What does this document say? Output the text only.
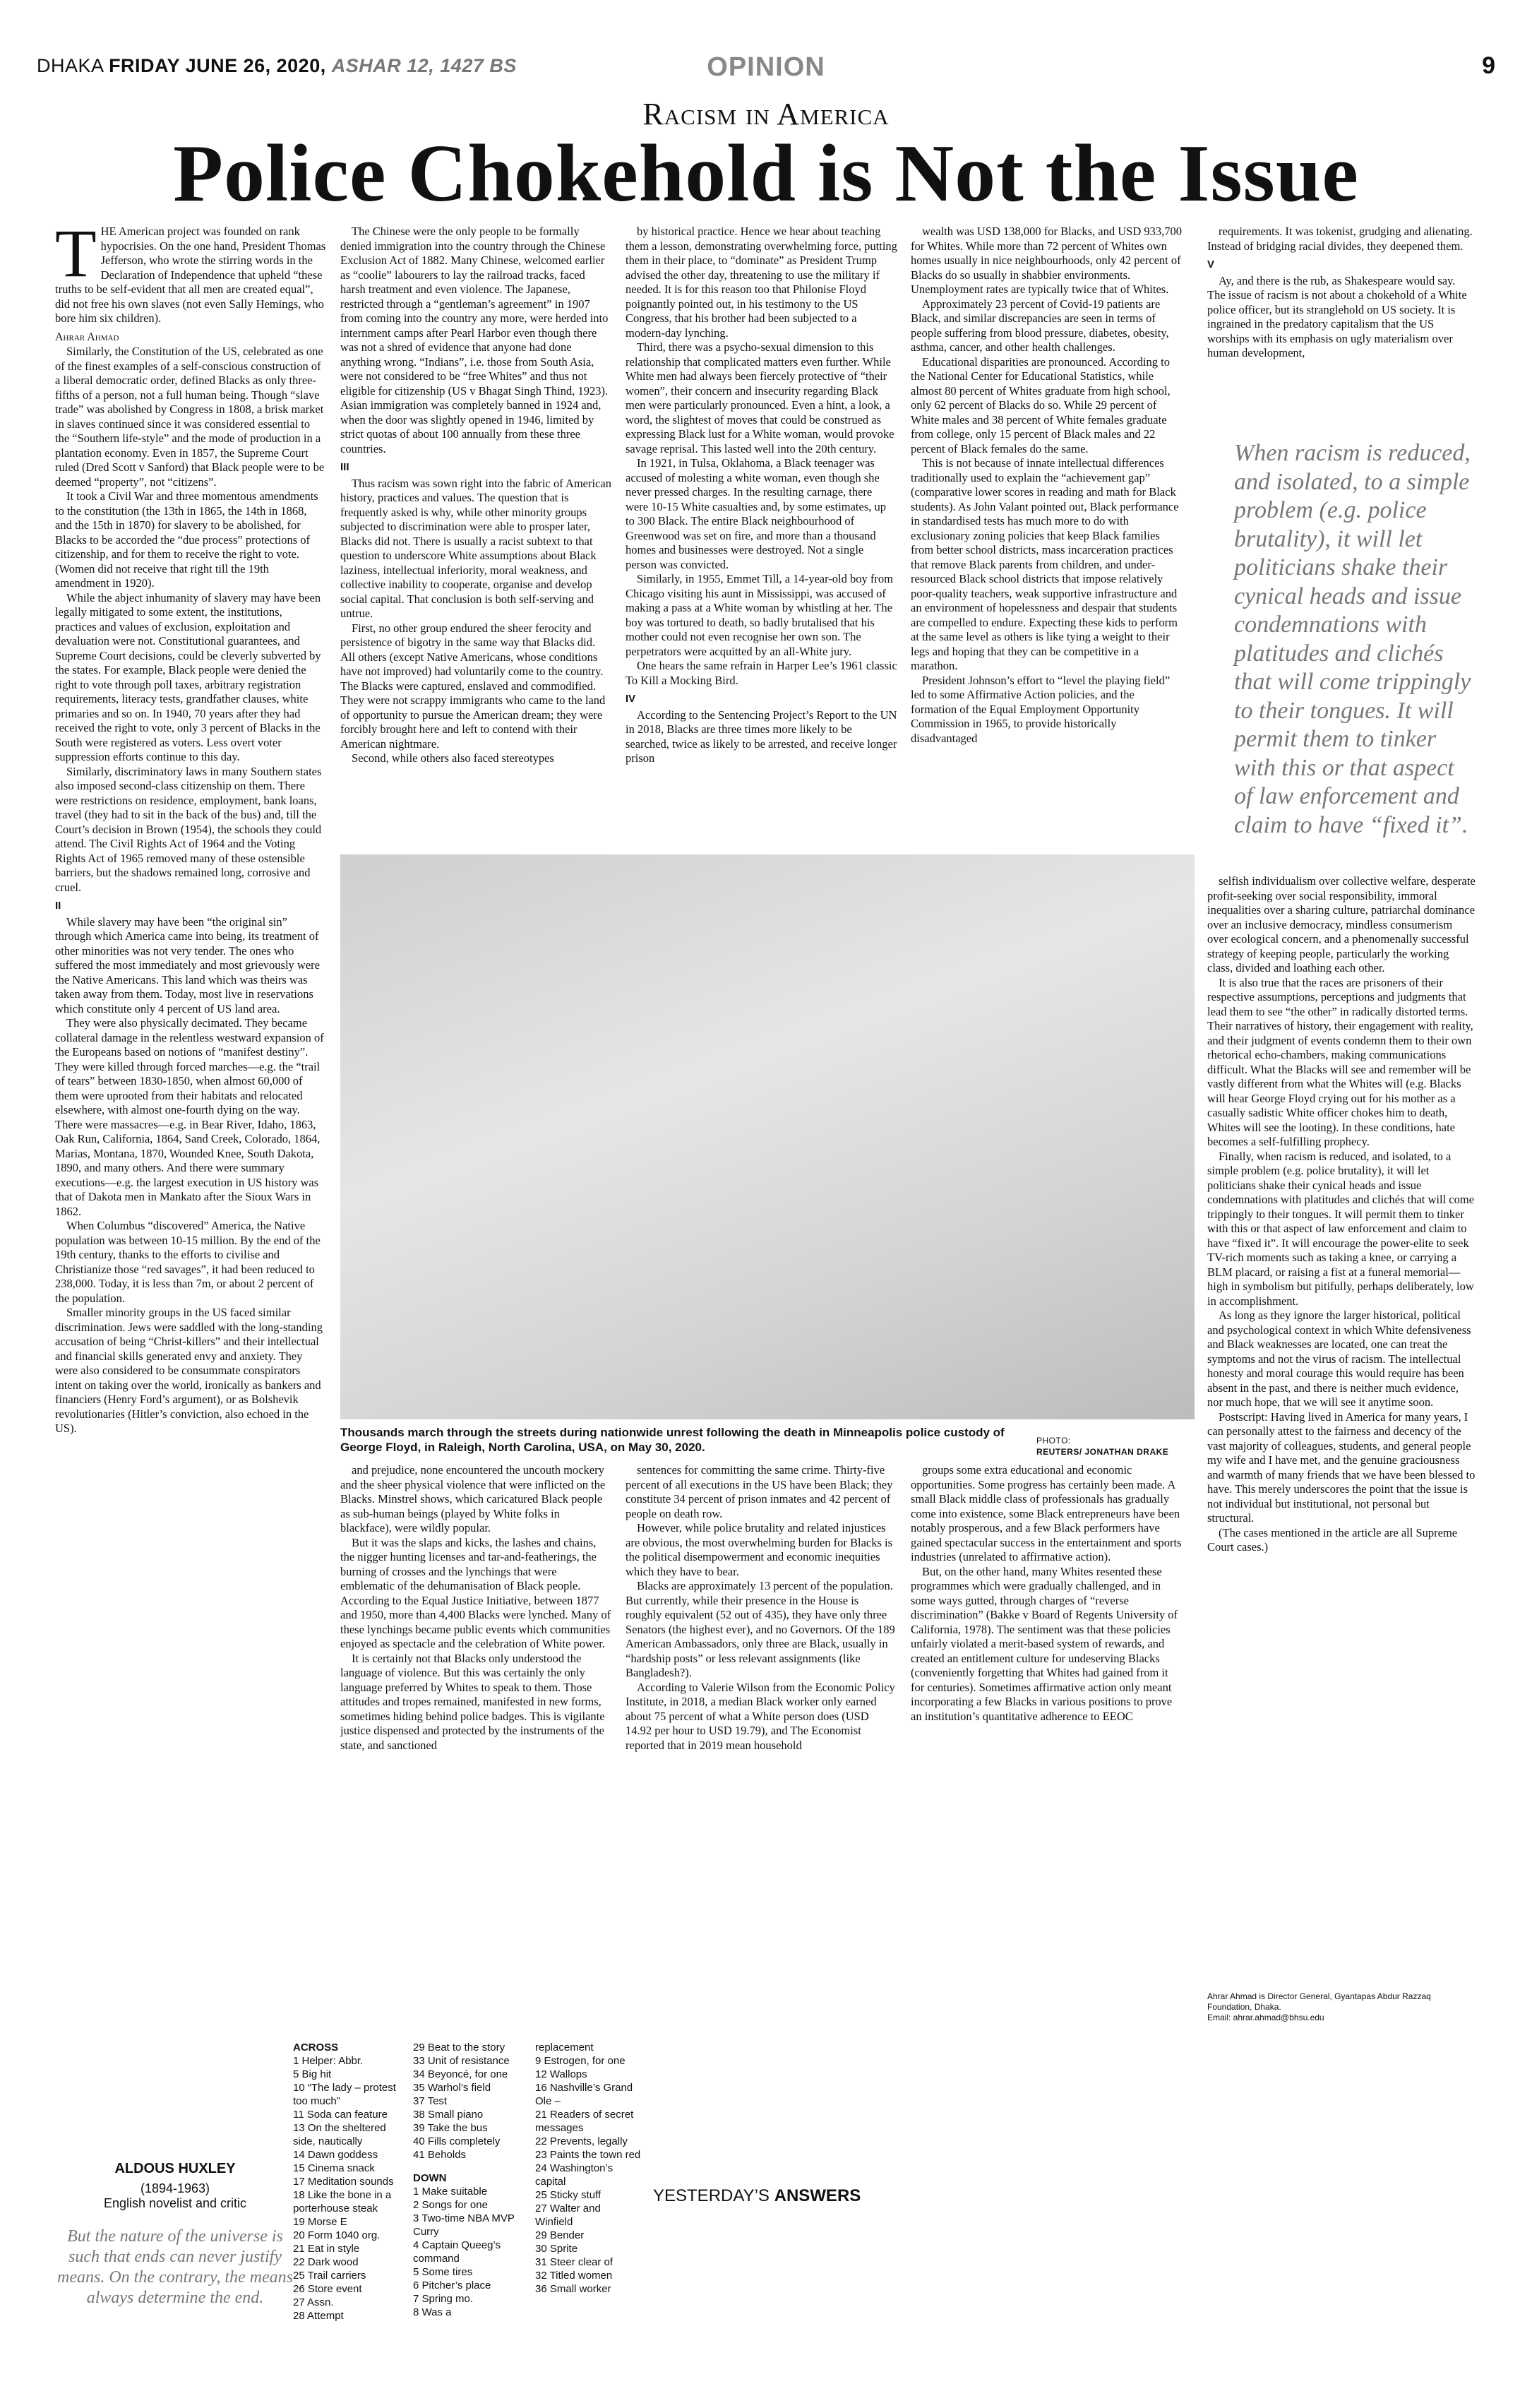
DHAKA FRIDAY JUNE 26, 2020, ASHAR 12, 1427 BS	OPINION	9
Racism in America
Police Chokehold is Not the Issue

THE American project was founded on rank hypocrisies. On the one hand, President Thomas Jefferson, who wrote the stirring words in the Declaration of Independence that upheld “these truths to be self-evident that all men are created equal”, did not free his own slaves (not even Sally Hemings, who bore him six children).

Ahrar Ahmad

Similarly, the Constitution of the US, celebrated as one of the finest examples of a self-conscious construction of a liberal democratic order, defined Blacks as only three-fifths of a person, not a full human being. Though “slave trade” was abolished by Congress in 1808, a brisk market in slaves continued since it was considered essential to the “Southern life-style” and the mode of production in a plantation economy. Even in 1857, the Supreme Court ruled (Dred Scott v Sanford) that Black people were to be deemed “property”, not “citizens”.

It took a Civil War and three momentous amendments to the constitution (the 13th in 1865, the 14th in 1868, and the 15th in 1870) for slavery to be abolished, for Blacks to be accorded the “due process” protections of citizenship, and for them to receive the right to vote. (Women did not receive that right till the 19th amendment in 1920).

While the abject inhumanity of slavery may have been legally mitigated to some extent, the institutions, practices and values of exclusion, exploitation and devaluation were not. Constitutional guarantees, and Supreme Court decisions, could be cleverly subverted by the states. For example, Black people were denied the right to vote through poll taxes, arbitrary registration requirements, literacy tests, grandfather clauses, white primaries and so on. In 1940, 70 years after they had received the right to vote, only 3 percent of Blacks in the South were registered as voters. Less overt voter suppression efforts continue to this day.

Similarly, discriminatory laws in many Southern states also imposed second-class citizenship on them. There were restrictions on residence, employment, bank loans, travel (they had to sit in the back of the bus) and, till the Court’s decision in Brown (1954), the schools they could attend. The Civil Rights Act of 1964 and the Voting Rights Act of 1965 removed many of these ostensible barriers, but the shadows remained long, corrosive and cruel.

II

While slavery may have been “the original sin” through which America came into being, its treatment of other minorities was not very tender. The ones who suffered the most immediately and most grievously were the Native Americans. This land which was theirs was taken away from them. Today, most live in reservations which constitute only 4 percent of US land area.

They were also physically decimated. They became collateral damage in the relentless westward expansion of the Europeans based on notions of “manifest destiny”. They were killed through forced marches—e.g. the “trail of tears” between 1830-1850, when almost 60,000 of them were uprooted from their habitats and relocated elsewhere, with almost one-fourth dying on the way. There were massacres—e.g. in Bear River, Idaho, 1863, Oak Run, California, 1864, Sand Creek, Colorado, 1864, Marias, Montana, 1870, Wounded Knee, South Dakota, 1890, and many others. And there were summary executions—e.g. the largest execution in US history was that of Dakota men in Mankato after the Sioux Wars in 1862.

When Columbus “discovered” America, the Native population was between 10-15 million. By the end of the 19th century, thanks to the efforts to civilise and Christianize those “red savages”, it had been reduced to 238,000. Today, it is less than 7m, or about 2 percent of the population.

Smaller minority groups in the US faced similar discrimination. Jews were saddled with the long-standing accusation of being “Christ-killers” and their intellectual and financial skills generated envy and anxiety. They were also considered to be consummate conspirators intent on taking over the world, ironically as bankers and financiers (Henry Ford’s argument), or as Bolshevik revolutionaries (Hitler’s conviction, also echoed in the US).

The Chinese were the only people to be formally denied immigration into the country through the Chinese Exclusion Act of 1882. Many Chinese, welcomed earlier as “coolie” labourers to lay the railroad tracks, faced harsh treatment and even violence. The Japanese, restricted through a “gentleman’s agreement” in 1907 from coming into the country any more, were herded into internment camps after Pearl Harbor even though there was not a shred of evidence that anyone had done anything wrong. “Indians”, i.e. those from South Asia, were not considered to be “free Whites” and thus not eligible for citizenship (US v Bhagat Singh Thind, 1923). Asian immigration was completely banned in 1924 and, when the door was slightly opened in 1946, limited by strict quotas of about 100 annually from these three countries.

III

Thus racism was sown right into the fabric of American history, practices and values. The question that is frequently asked is why, while other minority groups subjected to discrimination were able to prosper later, Blacks did not. There is usually a racist subtext to that question to underscore White assumptions about Black laziness, intellectual inferiority, moral weakness, and collective inability to cooperate, organise and develop social capital. That conclusion is both self-serving and untrue.

First, no other group endured the sheer ferocity and persistence of bigotry in the same way that Blacks did. All others (except Native Americans, whose conditions have not improved) had voluntarily come to the country. The Blacks were captured, enslaved and commodified. They were not scrappy immigrants who came to the land of opportunity to pursue the American dream; they were forcibly brought here and left to contend with their American nightmare.

Second, while others also faced stereotypes

by historical practice. Hence we hear about teaching them a lesson, demonstrating overwhelming force, putting them in their place, to “dominate” as President Trump advised the other day, threatening to use the military if needed. It is for this reason too that Philonise Floyd poignantly pointed out, in his testimony to the US Congress, that his brother had been subjected to a modern-day lynching.

Third, there was a psycho-sexual dimension to this relationship that complicated matters even further. While White men had always been fiercely protective of “their women”, their concern and insecurity regarding Black men were particularly pronounced. Even a hint, a look, a word, the slightest of moves that could be construed as expressing Black lust for a White woman, would provoke savage reprisal. This lasted well into the 20th century.

In 1921, in Tulsa, Oklahoma, a Black teenager was accused of molesting a white woman, even though she never pressed charges. In the resulting carnage, there were 10-15 White casualties and, by some estimates, up to 300 Black. The entire Black neighbourhood of Greenwood was set on fire, and more than a thousand homes and businesses were destroyed. Not a single person was convicted.

Similarly, in 1955, Emmet Till, a 14-year-old boy from Chicago visiting his aunt in Mississippi, was accused of making a pass at a White woman by whistling at her. The boy was tortured to death, so badly brutalised that his mother could not even recognise her own son. The perpetrators were acquitted by an all-White jury.

One hears the same refrain in Harper Lee’s 1961 classic To Kill a Mocking Bird.

IV

According to the Sentencing Project’s Report to the UN in 2018, Blacks are three times more likely to be searched, twice as likely to be arrested, and receive longer prison

wealth was USD 138,000 for Blacks, and USD 933,700 for Whites. While more than 72 percent of Whites own homes usually in nice neighbourhoods, only 42 percent of Blacks do so usually in shabbier environments. Unemployment rates are typically twice that of Whites.

Approximately 23 percent of Covid-19 patients are Black, and similar discrepancies are seen in terms of people suffering from blood pressure, diabetes, obesity, asthma, cancer, and other health challenges.

Educational disparities are pronounced. According to the National Center for Educational Statistics, while almost 80 percent of Whites graduate from high school, only 62 percent of Blacks do so. While 29 percent of White males and 38 percent of White females graduate from college, only 15 percent of Black males and 22 percent of Black females do the same.

This is not because of innate intellectual differences traditionally used to explain the “achievement gap” (comparative lower scores in reading and math for Black students). As John Valant pointed out, Black performance in standardised tests has much more to do with exclusionary zoning policies that keep Black families from better school districts, mass incarceration practices that remove Black parents from children, and under-resourced Black school districts that impose relatively poor-quality teachers, weak supportive infrastructure and an environment of hopelessness and despair that students are compelled to endure. Expecting these kids to perform at the same level as others is like tying a weight to their legs and hoping that they can be competitive in a marathon.

President Johnson’s effort to “level the playing field” led to some Affirmative Action policies, and the formation of the Equal Employment Opportunity Commission in 1965, to provide historically disadvantaged

requirements. It was tokenist, grudging and alienating. Instead of bridging racial divides, they deepened them.

V

Ay, and there is the rub, as Shakespeare would say. The issue of racism is not about a chokehold of a White police officer, but its stranglehold on US society. It is ingrained in the predatory capitalism that the US worships with its emphasis on ugly materialism over human development,

When racism is reduced, and isolated, to a simple problem (e.g. police brutality), it will let politicians shake their cynical heads and issue condemnations with platitudes and clichés that will come trippingly to their tongues. It will permit them to tinker with this or that aspect of law enforcement and claim to have “fixed it”.

selfish individualism over collective welfare, desperate profit-seeking over social responsibility, immoral inequalities over a sharing culture, patriarchal dominance over an inclusive democracy, mindless consumerism over ecological concern, and a phenomenally successful strategy of keeping people, particularly the working class, divided and loathing each other.

It is also true that the races are prisoners of their respective assumptions, perceptions and judgments that lead them to see “the other” in radically distorted terms. Their narratives of history, their engagement with reality, and their judgment of events condemn them to their own rhetorical echo-chambers, making communications difficult. What the Blacks will see and remember will be vastly different from what the Whites will (e.g. Blacks will hear George Floyd crying out for his mother as a casually sadistic White officer chokes him to death, Whites will see the looting). In these conditions, hate becomes a self-fulfilling prophecy.

Finally, when racism is reduced, and isolated, to a simple problem (e.g. police brutality), it will let politicians shake their cynical heads and issue condemnations with platitudes and clichés that will come trippingly to their tongues. It will permit them to tinker with this or that aspect of law enforcement and claim to have “fixed it”. It will encourage the power-elite to seek TV-rich moments such as taking a knee, or carrying a BLM placard, or raising a fist at a funeral memorial—high in symbolism but pitifully, perhaps deliberately, low in accomplishment.

As long as they ignore the larger historical, political and psychological context in which White defensiveness and Black weaknesses are located, one can treat the symptoms and not the virus of racism. The intellectual honesty and moral courage this would require has been absent in the past, and there is neither much evidence, nor much hope, that we will see it anytime soon.

Postscript: Having lived in America for many years, I can personally attest to the fairness and decency of the vast majority of colleagues, students, and general people my wife and I have met, and the genuine graciousness and warmth of many friends that we have been blessed to have. This merely underscores the point that the issue is not individual but institutional, not personal but structural.

(The cases mentioned in the article are all Supreme Court cases.)

Ahrar Ahmad is Director General, Gyantapas Abdur Razzaq Foundation, Dhaka.
Email: ahrar.ahmad@bhsu.edu
Thousands march through the streets during nationwide unrest following the death in Minneapolis police custody of George Floyd, in Raleigh, North Carolina, USA, on May 30, 2020.	PHOTO:
REUTERS/ JONATHAN DRAKE

and prejudice, none encountered the uncouth mockery and the sheer physical violence that were inflicted on the Blacks. Minstrel shows, which caricatured Black people as sub-human beings (played by White folks in blackface), were wildly popular.

But it was the slaps and kicks, the lashes and chains, the nigger hunting licenses and tar-and-featherings, the burning of crosses and the lynchings that were emblematic of the dehumanisation of Black people. According to the Equal Justice Initiative, between 1877 and 1950, more than 4,400 Blacks were lynched. Many of these lynchings became public events which communities enjoyed as spectacle and the celebration of White power.

It is certainly not that Blacks only understood the language of violence. But this was certainly the only language preferred by Whites to speak to them. Those attitudes and tropes remained, manifested in new forms, sometimes hiding behind police badges. This is vigilante justice dispensed and protected by the instruments of the state, and sanctioned

sentences for committing the same crime. Thirty-five percent of all executions in the US have been Black; they constitute 34 percent of prison inmates and 42 percent of people on death row.

However, while police brutality and related injustices are obvious, the most overwhelming burden for Blacks is the political disempowerment and economic inequities which they have to bear.

Blacks are approximately 13 percent of the population. But currently, while their presence in the House is roughly equivalent (52 out of 435), they have only three Senators (the highest ever), and no Governors. Of the 189 American Ambassadors, only three are Black, usually in “hardship posts” or less relevant assignments (like Bangladesh?).

According to Valerie Wilson from the Economic Policy Institute, in 2018, a median Black worker only earned about 75 percent of what a White person does (USD 14.92 per hour to USD 19.79), and The Economist reported that in 2019 mean household

groups some extra educational and economic opportunities. Some progress has certainly been made. A small Black middle class of professionals has gradually come into existence, some Black entrepreneurs have been notably prosperous, and a few Black performers have gained spectacular success in the entertainment and sports industries (unrelated to affirmative action).

But, on the other hand, many Whites resented these programmes which were gradually challenged, and in some ways gutted, through charges of “reverse discrimination” (Bakke v Board of Regents University of California, 1978). The sentiment was that these policies unfairly violated a merit-based system of rewards, and created an entitlement culture for undeserving Blacks (conveniently forgetting that Whites had gained from it for centuries). Sometimes affirmative action only meant incorporating a few Blacks in various positions to prove an institution’s quantitative adherence to EEOC

ALDOUS HUXLEY
(1894-1963)
English novelist and critic
But the nature of the universe is such that ends can never justify means. On the contrary, the means always determine the end.
ACROSS
1 Helper: Abbr.
5 Big hit
10 “The lady – protest too much”
11 Soda can feature
13 On the sheltered side, nautically
14 Dawn goddess
15 Cinema snack
17 Meditation sounds
18 Like the bone in a porterhouse steak
19 Morse E
20 Form 1040 org.
21 Eat in style
22 Dark wood
25 Trail carriers
26 Store event
27 Assn.
28 Attempt
29 Beat to the story
33 Unit of resistance
34 Beyoncé, for one
35 Warhol’s field
37 Test
38 Small piano
39 Take the bus
40 Fills completely
41 Beholds
DOWN
1 Make suitable
2 Songs for one
3 Two-time NBA MVP Curry
4 Captain Queeg’s command
5 Some tires
6 Pitcher’s place
7 Spring mo.
8 Was a
replacement
9 Estrogen, for one
12 Wallops
16 Nashville’s Grand Ole –
21 Readers of secret messages
22 Prevents, legally
23 Paints the town red
24 Washington’s capital
25 Sticky stuff
27 Walter and Winfield
29 Bender
30 Sprite
31 Steer clear of
32 Titled women
36 Small worker
YESTERDAY’S ANSWERS
